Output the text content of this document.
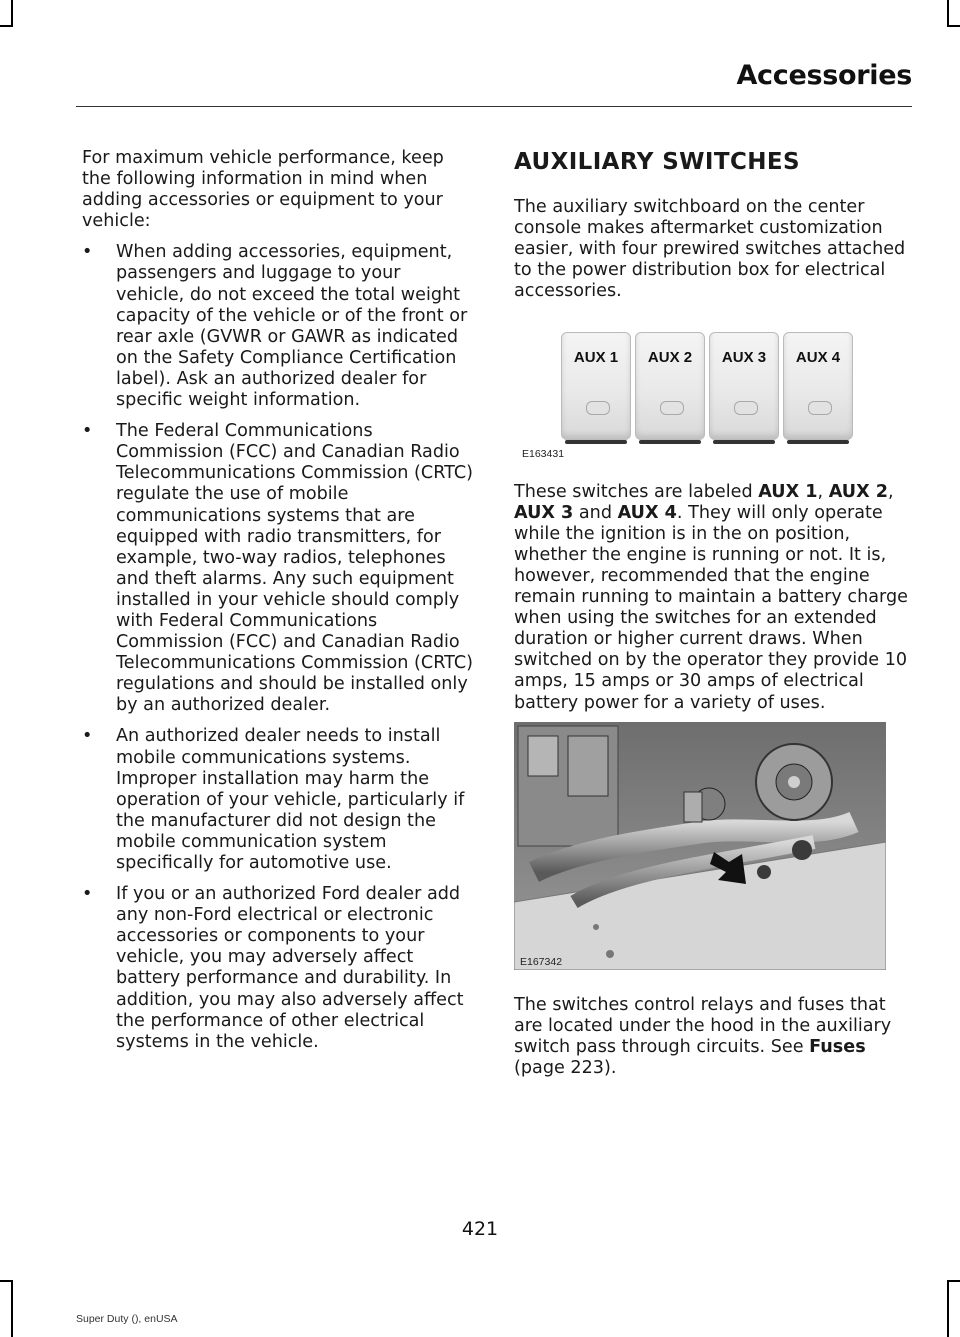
Accessories

For maximum vehicle performance, keep the following information in mind when adding accessories or equipment to your vehicle:

• When adding accessories, equipment, passengers and luggage to your vehicle, do not exceed the total weight capacity of the vehicle or of the front or rear axle (GVWR or GAWR as indicated on the Safety Compliance Certification label). Ask an authorized dealer for specific weight information.
• The Federal Communications Commission (FCC) and Canadian Radio Telecommunications Commission (CRTC) regulate the use of mobile communications systems that are equipped with radio transmitters, for example, two-way radios, telephones and theft alarms. Any such equipment installed in your vehicle should comply with Federal Communications Commission (FCC) and Canadian Radio Telecommunications Commission (CRTC) regulations and should be installed only by an authorized dealer.
• An authorized dealer needs to install mobile communications systems. Improper installation may harm the operation of your vehicle, particularly if the manufacturer did not design the mobile communication system specifically for automotive use.
• If you or an authorized Ford dealer add any non-Ford electrical or electronic accessories or components to your vehicle, you may adversely affect battery performance and durability. In addition, you may also adversely affect the performance of other electrical systems in the vehicle.
AUXILIARY SWITCHES

The auxiliary switchboard on the center console makes aftermarket customization easier, with four prewired switches attached to the power distribution box for electrical accessories.

AUX 1	AUX 2	AUX 3	AUX 4
E163431

These switches are labeled AUX 1, AUX 2, AUX 3 and AUX 4. They will only operate while the ignition is in the on position, whether the engine is running or not. It is, however, recommended that the engine remain running to maintain a battery charge when using the switches for an extended duration or higher current draws. When switched on by the operator they provide 10 amps, 15 amps or 30 amps of electrical battery power for a variety of uses.

E167342

The switches control relays and fuses that are located under the hood in the auxiliary switch pass through circuits. See Fuses (page 223).

421
Super Duty (), enUSA
